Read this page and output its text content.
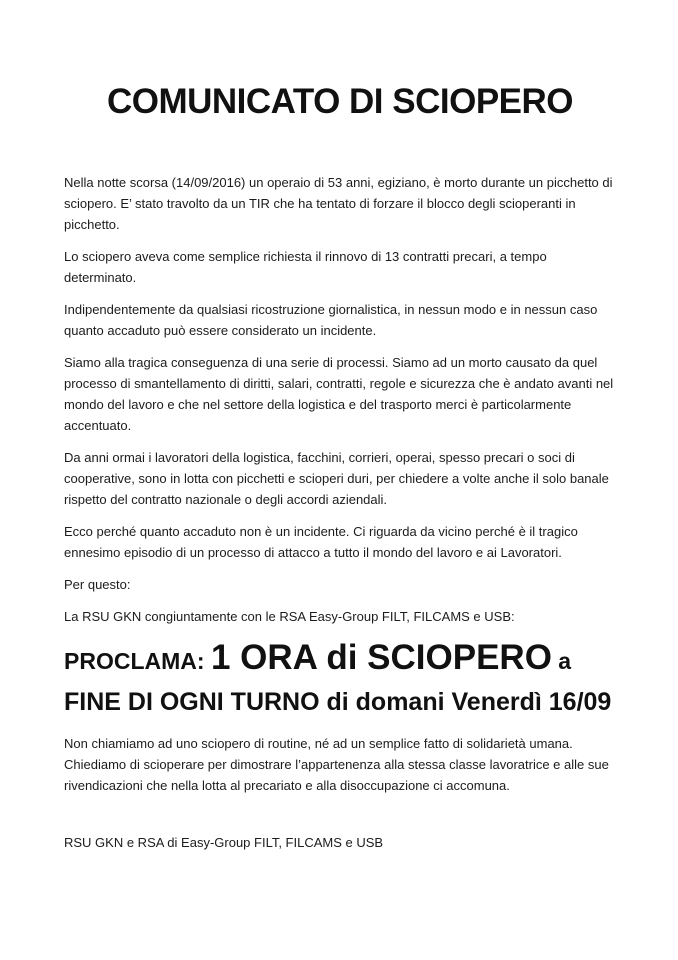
COMUNICATO DI SCIOPERO

Nella notte scorsa (14/09/2016) un operaio di 53 anni, egiziano, è morto durante un picchetto di sciopero. E’ stato travolto da un TIR che ha tentato di forzare il blocco degli scioperanti in picchetto.

Lo sciopero aveva come semplice richiesta il rinnovo di 13 contratti precari, a tempo determinato.

Indipendentemente da qualsiasi ricostruzione giornalistica, in nessun modo e in nessun caso quanto accaduto può essere considerato un incidente.

Siamo alla tragica conseguenza di una serie di processi. Siamo ad un morto causato da quel processo di smantellamento di diritti, salari, contratti, regole e sicurezza che è andato avanti nel mondo del lavoro e che nel settore della logistica e del trasporto merci è particolarmente accentuato.

Da anni ormai i lavoratori della logistica, facchini, corrieri, operai, spesso precari o soci di cooperative, sono in lotta con picchetti e scioperi duri, per chiedere a volte anche il solo banale rispetto del contratto nazionale o degli accordi aziendali.

Ecco perché quanto accaduto non è un incidente. Ci riguarda da vicino perché è il tragico ennesimo episodio di un processo di attacco a tutto il mondo del lavoro e ai Lavoratori.

Per questo:

La RSU GKN congiuntamente con le RSA Easy-Group FILT, FILCAMS e USB:

PROCLAMA: 1 ORA di SCIOPERO a
FINE DI OGNI TURNO di domani Venerdì 16/09

Non chiamiamo ad uno sciopero di routine, né ad un semplice fatto di solidarietà umana. Chiediamo di scioperare per dimostrare l’appartenenza alla stessa classe lavoratrice e alle sue rivendicazioni che nella lotta al precariato e alla disoccupazione ci accomuna.

RSU GKN e RSA di Easy-Group FILT, FILCAMS e USB
